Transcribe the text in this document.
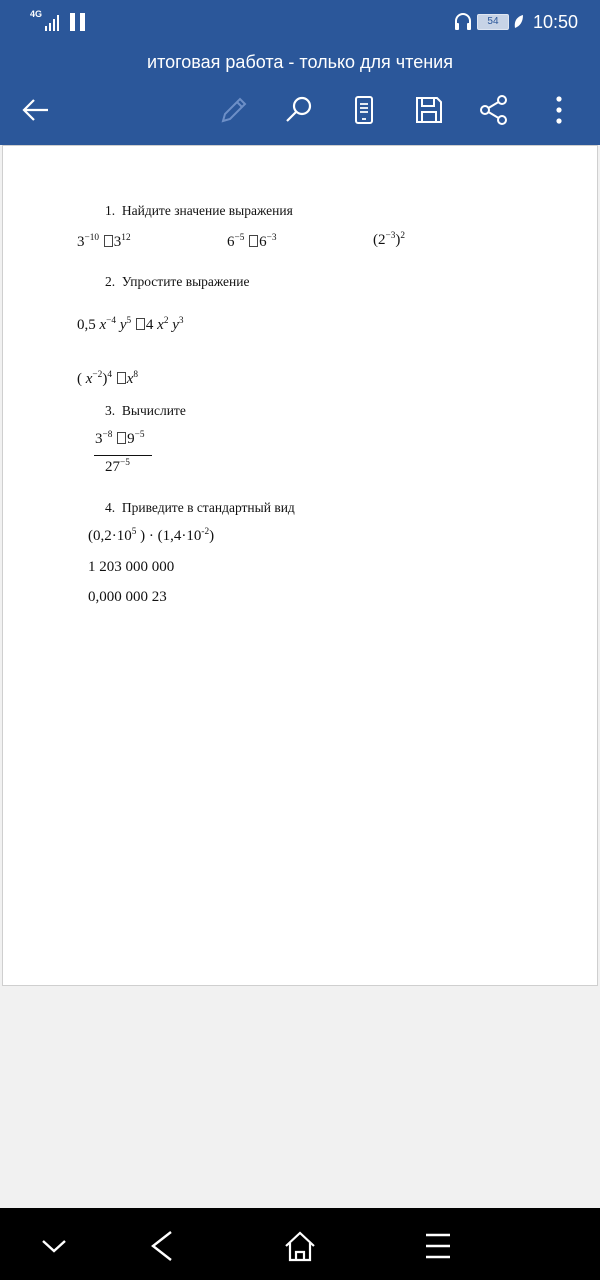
4G
54	10:50
итоговая работа - только для чтения
1. Найдите значение выражения
$3^{-10}$ $3^{12}$	$6^{-5}$ $6^{-3}$	$(2^{-3})^2$
2. Упростите выражение
0,5 $x^{-4}$ $y^5$ 4 $x^2$ $y^3$
( $x^{-2})^4$ $x^8$
3. Вычислите
$3^{-8}$ $9^{-5}$
$27^{-5}$
4. Приведите в стандартный вид
($0,2\cdot 10^5$ ) · $(1,4\cdot 10^{-2})$
1 203 000 000
0,000 000 23
